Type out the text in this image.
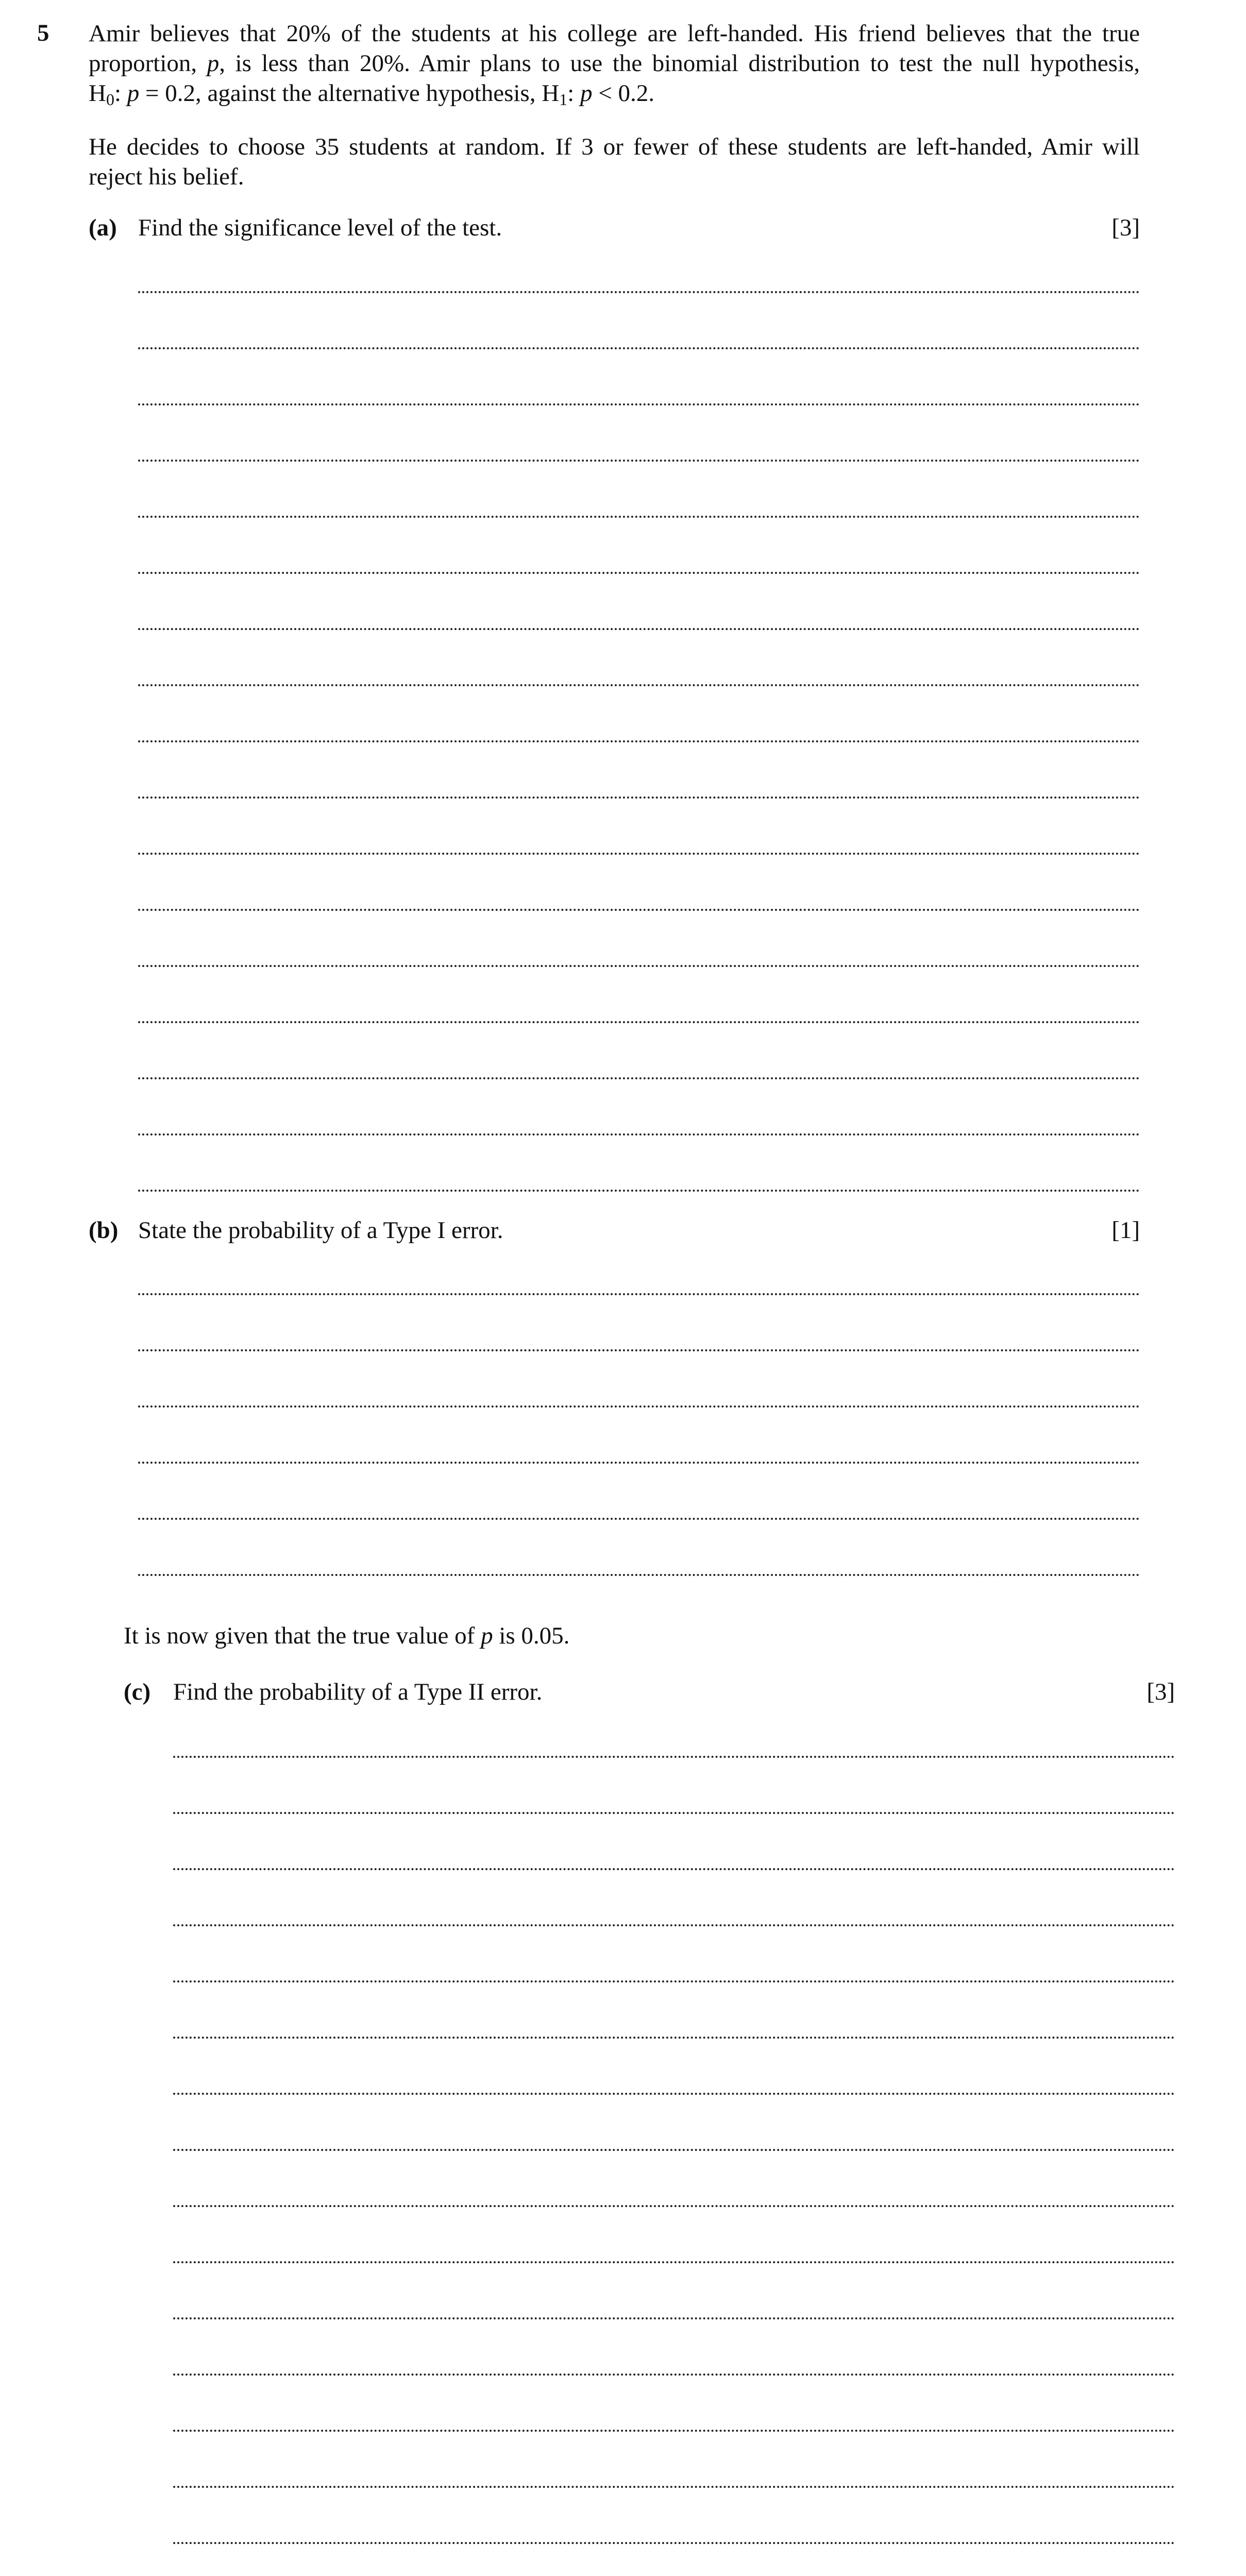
5 Amir believes that 20% of the students at his college are left-handed. His friend believes that the true
proportion, p, is less than 20%. Amir plans to use the binomial distribution to test the null hypothesis,
$H_0$: p = 0.2, against the alternative hypothesis, $H_1$: p < 0.2.
He decides to choose 35 students at random. If 3 or fewer of these students are left-handed, Amir will
reject his belief.
(a) Find the significance level of the test.	[3]
(b) State the probability of a Type I error.	[1]
It is now given that the true value of p is 0.05.
(c) Find the probability of a Type II error.	[3]
